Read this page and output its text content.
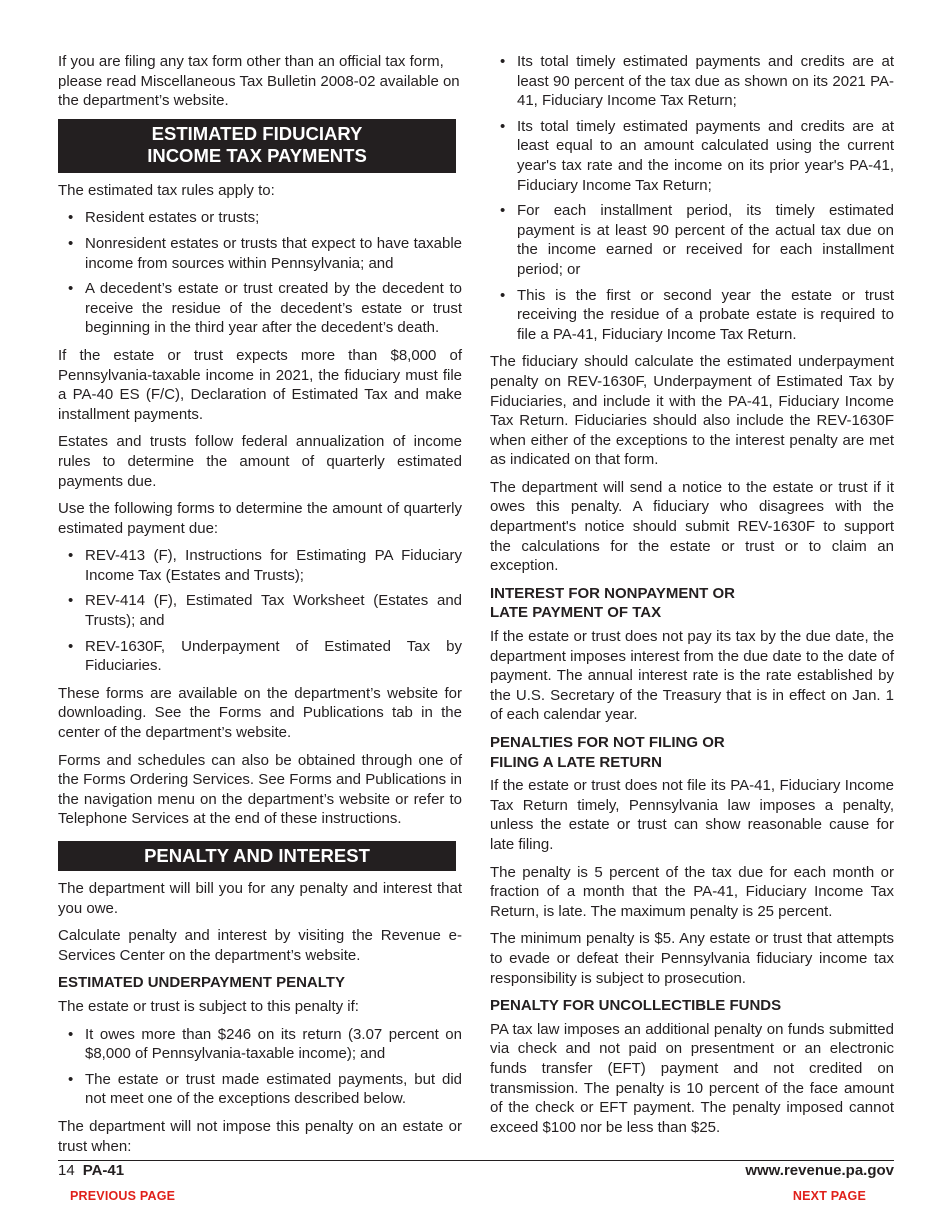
If you are filing any tax form other than an official tax form, please read Miscellaneous Tax Bulletin 2008-02 available on the department’s website.

ESTIMATED FIDUCIARY
INCOME TAX PAYMENTS

The estimated tax rules apply to:

• Resident estates or trusts;
• Nonresident estates or trusts that expect to have taxable income from sources within Pennsylvania; and
• A decedent’s estate or trust created by the decedent to receive the residue of the decedent’s estate or trust beginning in the third year after the decedent’s death.

If the estate or trust expects more than $8,000 of Pennsylvania-taxable income in 2021, the fiduciary must file a PA-40 ES (F/C), Declaration of Estimated Tax and make installment payments.

Estates and trusts follow federal annualization of income rules to determine the amount of quarterly estimated payments due.

Use the following forms to determine the amount of quarterly estimated payment due:

• REV-413 (F), Instructions for Estimating PA Fiduciary Income Tax (Estates and Trusts);
• REV-414 (F), Estimated Tax Worksheet (Estates and Trusts); and
• REV-1630F, Underpayment of Estimated Tax by Fiduciaries.

These forms are available on the department’s website for downloading. See the Forms and Publications tab in the center of the department’s website.

Forms and schedules can also be obtained through one of the Forms Ordering Services. See Forms and Publications in the navigation menu on the department’s website or refer to Telephone Services at the end of these instructions.

PENALTY AND INTEREST

The department will bill you for any penalty and interest that you owe.

Calculate penalty and interest by visiting the Revenue e-Services Center on the department’s website.

ESTIMATED UNDERPAYMENT PENALTY

The estate or trust is subject to this penalty if:

• It owes more than $246 on its return (3.07 percent on $8,000 of Pennsylvania-taxable income); and
• The estate or trust made estimated payments, but did not meet one of the exceptions described below.

The department will not impose this penalty on an estate or trust when:

• Its total timely estimated payments and credits are at least 90 percent of the tax due as shown on its 2021 PA-41, Fiduciary Income Tax Return;
• Its total timely estimated payments and credits are at least equal to an amount calculated using the current year's tax rate and the income on its prior year's PA-41, Fiduciary Income Tax Return;
• For each installment period, its timely estimated payment is at least 90 percent of the actual tax due on the income earned or received for each installment period; or
• This is the first or second year the estate or trust receiving the residue of a probate estate is required to file a PA-41, Fiduciary Income Tax Return.

The fiduciary should calculate the estimated underpayment penalty on REV-1630F, Underpayment of Estimated Tax by Fiduciaries, and include it with the PA-41, Fiduciary Income Tax Return. Fiduciaries should also include the REV-1630F when either of the exceptions to the interest penalty are met as indicated on that form.

The department will send a notice to the estate or trust if it owes this penalty. A fiduciary who disagrees with the department's notice should submit REV-1630F to support the calculations for the estate or trust or to claim an exception.

INTEREST FOR NONPAYMENT OR
LATE PAYMENT OF TAX

If the estate or trust does not pay its tax by the due date, the department imposes interest from the due date to the date of payment. The annual interest rate is the rate established by the U.S. Secretary of the Treasury that is in effect on Jan. 1 of each calendar year.

PENALTIES FOR NOT FILING OR
FILING A LATE RETURN

If the estate or trust does not file its PA-41, Fiduciary Income Tax Return timely, Pennsylvania law imposes a penalty, unless the estate or trust can show reasonable cause for late filing.

The penalty is 5 percent of the tax due for each month or fraction of a month that the PA-41, Fiduciary Income Tax Return, is late. The maximum penalty is 25 percent.

The minimum penalty is $5. Any estate or trust that attempts to evade or defeat their Pennsylvania fiduciary income tax responsibility is subject to prosecution.

PENALTY FOR UNCOLLECTIBLE FUNDS

PA tax law imposes an additional penalty on funds submitted via check and not paid on presentment or an electronic funds transfer (EFT) payment and not credited on transmission. The penalty is 10 percent of the face amount of the check or EFT payment. The penalty imposed cannot exceed $100 nor be less than $25.

14 PA-41	www.revenue.pa.gov
PREVIOUS PAGE	NEXT PAGE
